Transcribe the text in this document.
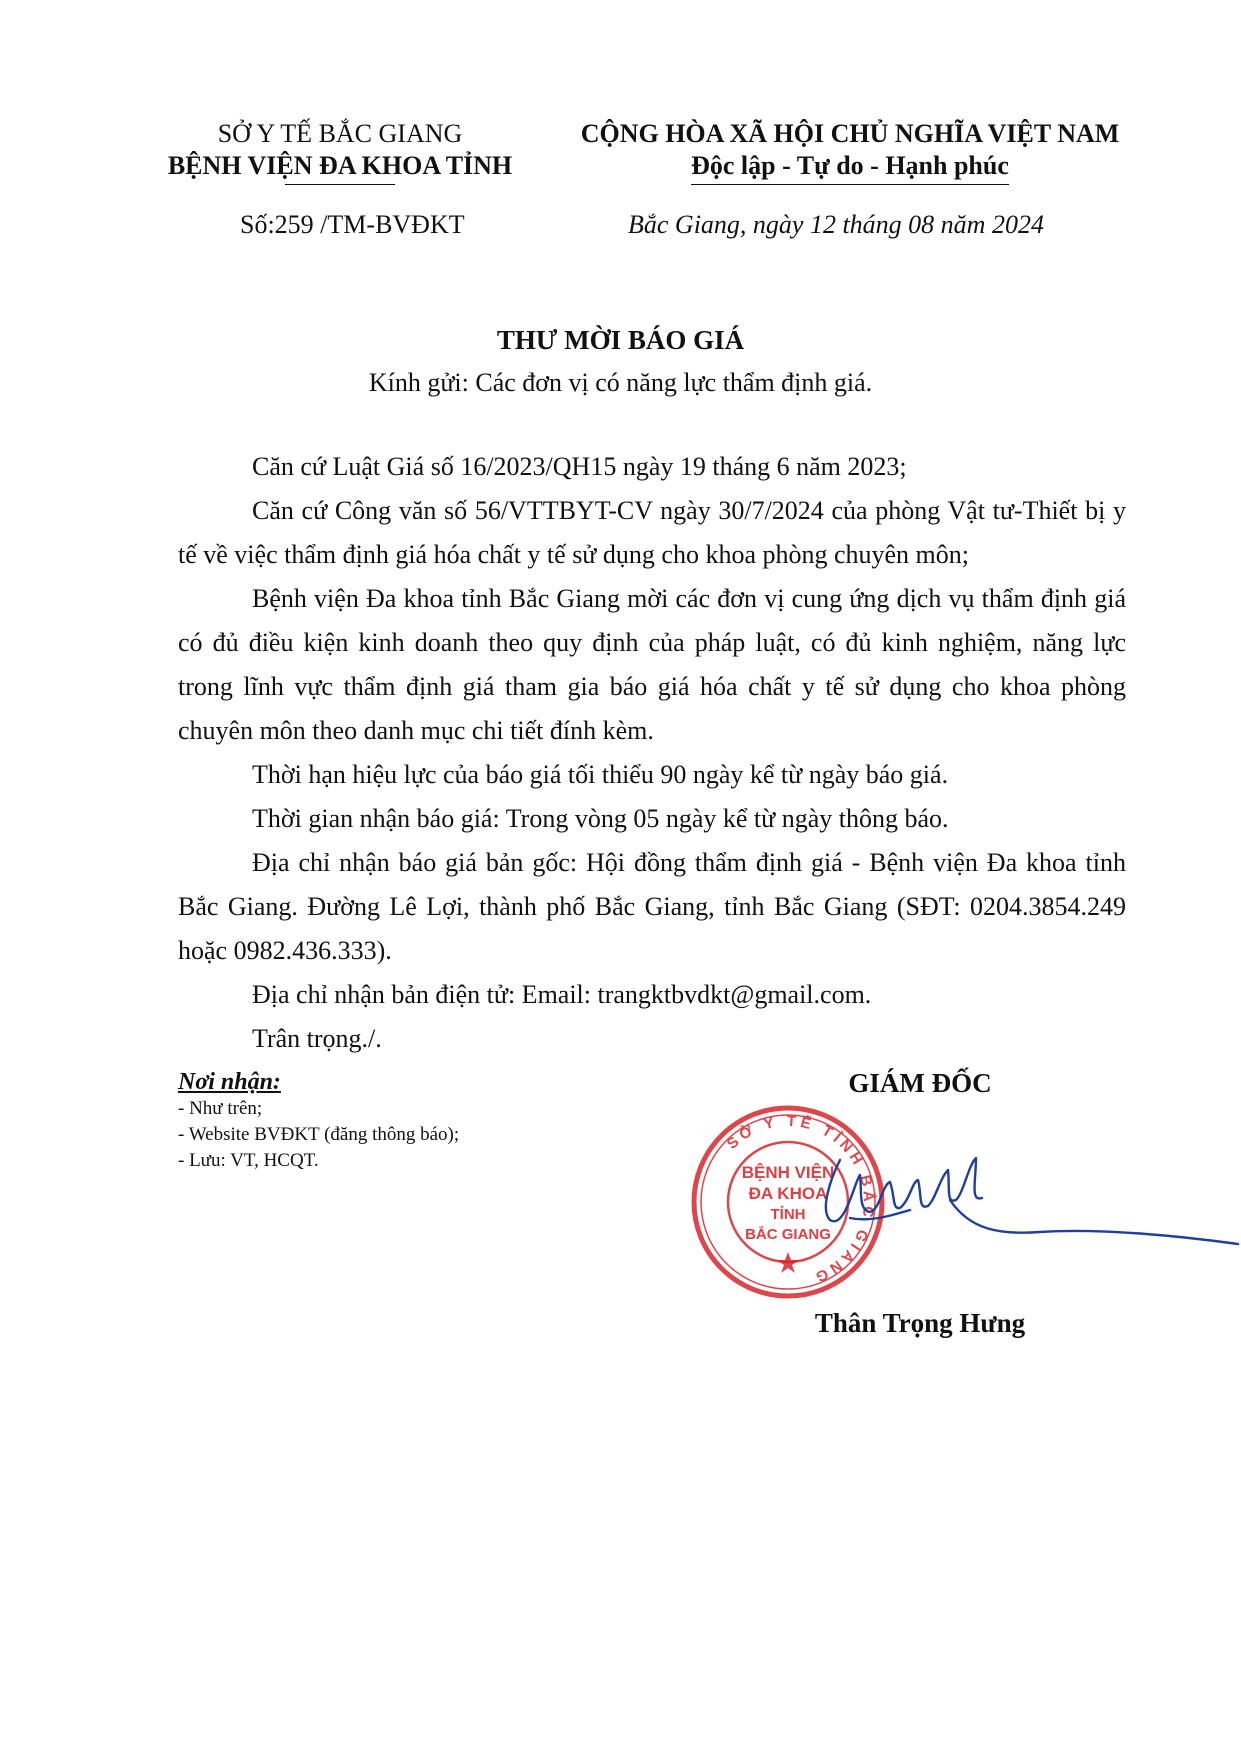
SỞ Y TẾ BẮC GIANG
BỆNH VIỆN ĐA KHOA TỈNH
CỘNG HÒA XÃ HỘI CHỦ NGHĨA VIỆT NAM
Độc lập - Tự do - Hạnh phúc
Số:259 /TM-BVĐKT	Bắc Giang, ngày 12 tháng 08 năm 2024
THƯ MỜI BÁO GIÁ
Kính gửi: Các đơn vị có năng lực thẩm định giá.

Căn cứ Luật Giá số 16/2023/QH15 ngày 19 tháng 6 năm 2023;

Căn cứ Công văn số 56/VTTBYT-CV ngày 30/7/2024 của phòng Vật tư-Thiết bị y tế về việc thẩm định giá hóa chất y tế sử dụng cho khoa phòng chuyên môn;

Bệnh viện Đa khoa tỉnh Bắc Giang mời các đơn vị cung ứng dịch vụ thẩm định giá có đủ điều kiện kinh doanh theo quy định của pháp luật, có đủ kinh nghiệm, năng lực trong lĩnh vực thẩm định giá tham gia báo giá hóa chất y tế sử dụng cho khoa phòng chuyên môn theo danh mục chi tiết đính kèm.

Thời hạn hiệu lực của báo giá tối thiểu 90 ngày kể từ ngày báo giá.

Thời gian nhận báo giá: Trong vòng 05 ngày kể từ ngày thông báo.

Địa chỉ nhận báo giá bản gốc: Hội đồng thẩm định giá - Bệnh viện Đa khoa tỉnh Bắc Giang. Đường Lê Lợi, thành phố Bắc Giang, tỉnh Bắc Giang (SĐT: 0204.3854.249 hoặc 0982.436.333).

Địa chỉ nhận bản điện tử: Email: trangktbvdkt@gmail.com.

Trân trọng./.

Nơi nhận:
- Như trên;
- Website BVĐKT (đăng thông báo);
- Lưu: VT, HCQT.
GIÁM ĐỐC
SỞ Y TẾ TỈNH BẮC GIANG
BỆNH VIỆN
ĐA KHOA
TỈNH
BẮC GIANG
Thân Trọng Hưng
